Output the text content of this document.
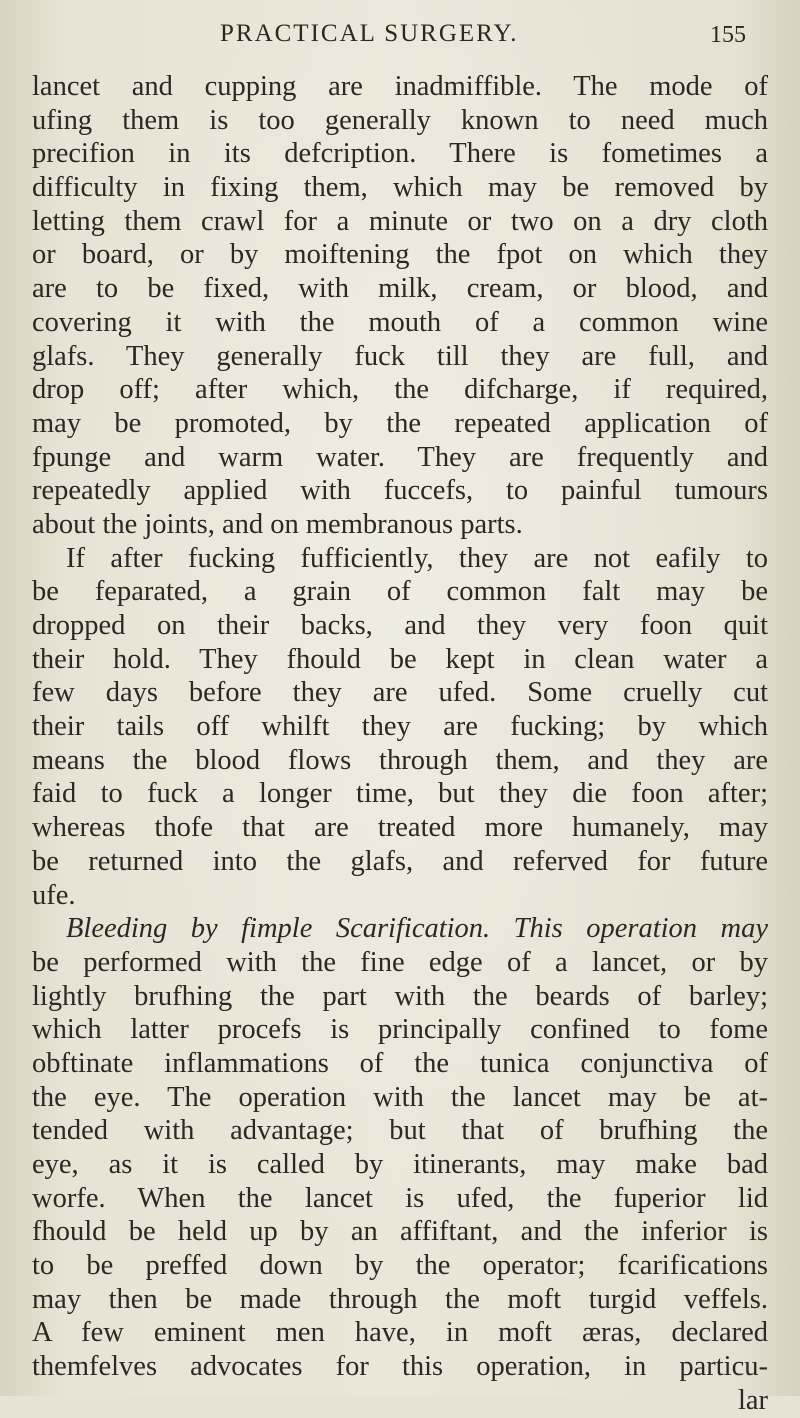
PRACTICAL SURGERY.	155
lancet and cupping are inadmiffible. The mode of
ufing them is too generally known to need much
precifion in its defcription. There is fometimes a
difficulty in fixing them, which may be removed by
letting them crawl for a minute or two on a dry cloth
or board, or by moiftening the fpot on which they
are to be fixed, with milk, cream, or blood, and
covering it with the mouth of a common wine
glafs. They generally fuck till they are full, and
drop off; after which, the difcharge, if required,
may be promoted, by the repeated application of
fpunge and warm water. They are frequently and
repeatedly applied with fuccefs, to painful tumours
about the joints, and on membranous parts.
If after fucking fufficiently, they are not eafily to
be feparated, a grain of common falt may be
dropped on their backs, and they very foon quit
their hold. They fhould be kept in clean water a
few days before they are ufed. Some cruelly cut
their tails off whilft they are fucking; by which
means the blood flows through them, and they are
faid to fuck a longer time, but they die foon after;
whereas thofe that are treated more humanely, may
be returned into the glafs, and referved for future
ufe.
Bleeding by fimple Scarification. This operation may
be performed with the fine edge of a lancet, or by
lightly brufhing the part with the beards of barley;
which latter procefs is principally confined to fome
obftinate inflammations of the tunica conjunctiva of
the eye. The operation with the lancet may be at-
tended with advantage; but that of brufhing the
eye, as it is called by itinerants, may make bad
worfe. When the lancet is ufed, the fuperior lid
fhould be held up by an affiftant, and the inferior is
to be preffed down by the operator; fcarifications
may then be made through the moft turgid veffels.
A few eminent men have, in moft æras, declared
themfelves advocates for this operation, in particu-
lar
